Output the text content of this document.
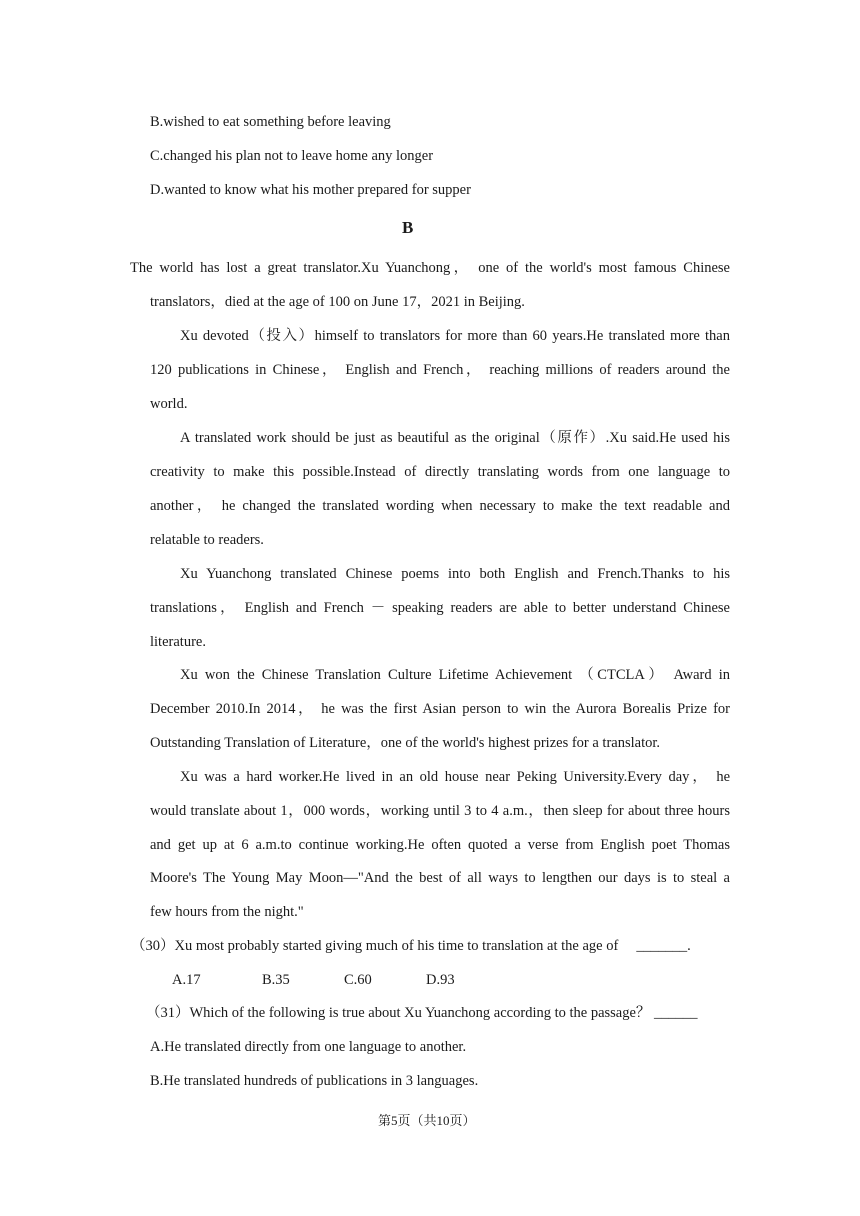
B.wished to eat something before leaving
C.changed his plan not to leave home any longer
D.wanted to know what his mother prepared for supper
B
The world has lost a great translator.Xu Yuanchong， one of the world's most famous Chinese
translators，died at the age of 100 on June 17，2021 in Beijing.
Xu devoted（投入）himself to translators for more than 60 years.He translated more than
120 publications in Chinese， English and French， reaching millions of readers around the
world.
A translated work should be just as beautiful as the original（原作）.Xu said.He used his
creativity to make this possible.Instead of directly translating words from one language to
another， he changed the translated wording when necessary to make the text readable and
relatable to readers.
Xu Yuanchong translated Chinese poems into both English and French.Thanks to his
translations， English and French － speaking readers are able to better understand Chinese
literature.
Xu won the Chinese Translation Culture Lifetime Achievement （CTCLA） Award in
December 2010.In 2014， he was the first Asian person to win the Aurora Borealis Prize for
Outstanding Translation of Literature，one of the world's highest prizes for a translator.
Xu was a hard worker.He lived in an old house near Peking University.Every day， he
would translate about 1，000 words，working until 3 to 4 a.m.，then sleep for about three hours
and get up at 6 a.m.to continue working.He often quoted a verse from English poet Thomas
Moore's The Young May Moon—"And the best of all ways to lengthen our days is to steal a
few hours from the night."
（30）Xu most probably started giving much of his time to translation at the age of 　_______.
A.17	B.35	C.60	D.93
（31）Which of the following is true about Xu Yuanchong according to the passage？ ______
A.He translated directly from one language to another.
B.He translated hundreds of publications in 3 languages.
第5页（共10页）
